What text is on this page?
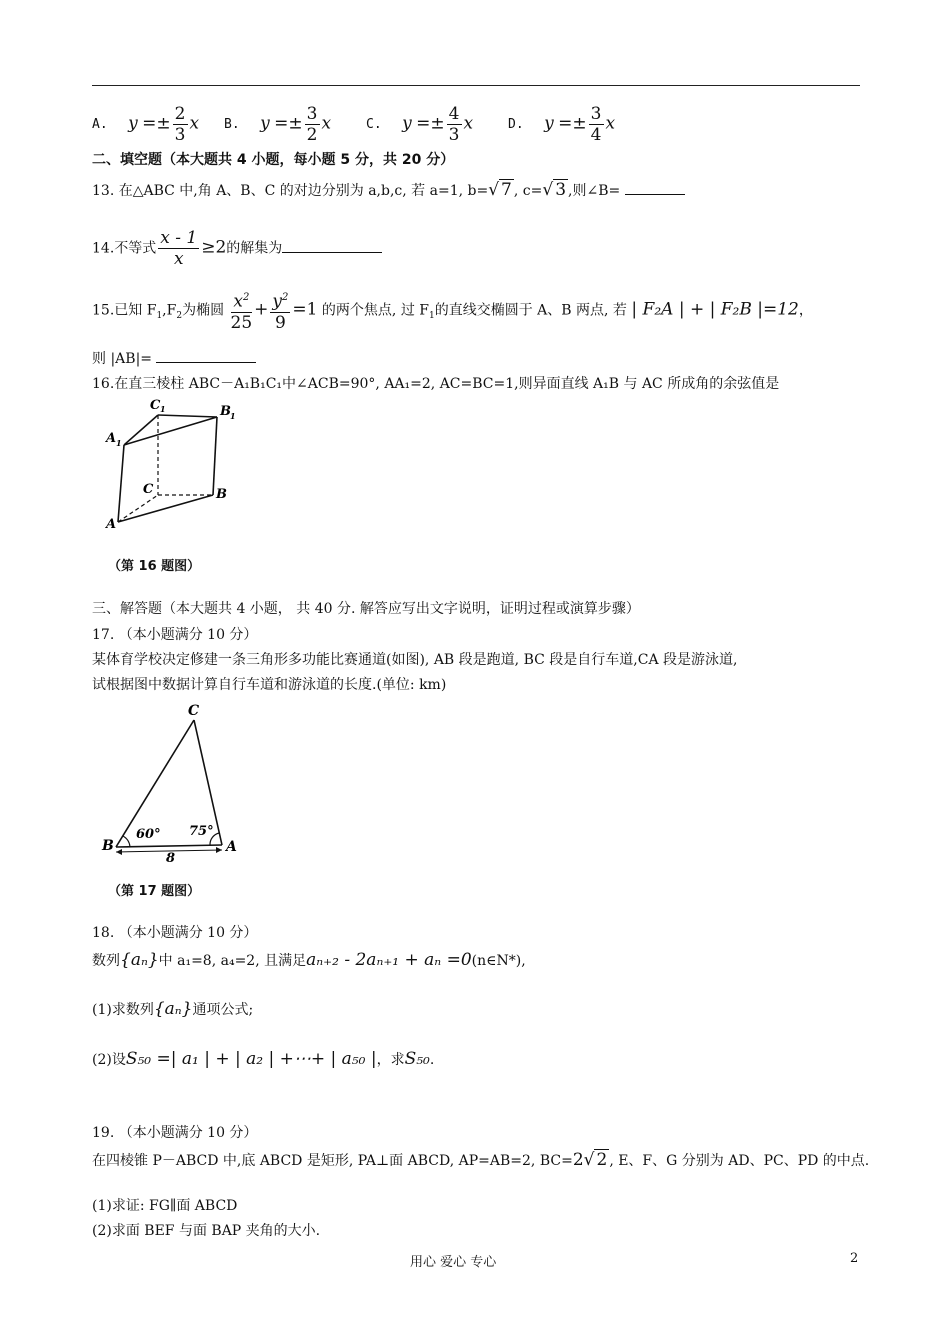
A. $y =\pm \frac{2}{3}$ x B. $y =\pm \frac{3}{2}$ x	C. $y =\pm \frac{4}{3}$ x	D. $y =\pm \frac{3}{4}$ x
二、填空题（本大题共 4 小题，每小题 5 分，共 20 分）
13. 在△ABC 中,角 A、B、C 的对边分别为 a,b,c, 若 a=1, b=√ 7 , c=√ 3 ,则∠B=
14.不等式 $\frac{x - 1}{x} \ge 2$的解集为
15.已知 $F_1,F_2$为椭圆 $\frac{x^2}{25} + \frac{y^2}{9} =1$ 的两个焦点, 过 $F_1$的直线交椭圆于 A、B 两点, 若 | F₂A | + | F₂B |=12，
则 |AB|=
16.在直三棱柱 ABC－A₁B₁C₁中∠ACB=90°, AA₁=2, AC=BC=1,则异面直线 A₁B 与 AC 所成角的余弦值是
C 1	B 1
A 1
C	B
A
（第 16 题图）
三、解答题（本大题共 4 小题， 共 40 分. 解答应写出文字说明，证明过程或演算步骤）
17. （本小题满分 10 分）
某体育学校决定修建一条三角形多功能比赛通道(如图), AB 段是跑道, BC 段是自行车道,CA 段是游泳道,
试根据图中数据计算自行车道和游泳道的长度.(单位: km)
C
B	A
60° 75°
8
（第 17 题图）
18. （本小题满分 10 分）
数列{aₙ}中 a₁=8, a₄=2, 且满足aₙ₊₂ - 2aₙ₊₁ + aₙ =0(n∈N*),
(1)求数列{aₙ}通项公式;
(2)设S₅₀ =| a₁ | + | a₂ | +⋯+ | a₅₀ |，求S₅₀.
19. （本小题满分 10 分）
在四棱锥 P－ABCD 中,底 ABCD 是矩形, PA⊥面 ABCD, AP=AB=2, BC=2√ 2 , E、F、G 分别为 AD、PC、PD 的中点.
(1)求证: FG∥面 ABCD
(2)求面 BEF 与面 BAP 夹角的大小.
用心 爱心 专心	2
